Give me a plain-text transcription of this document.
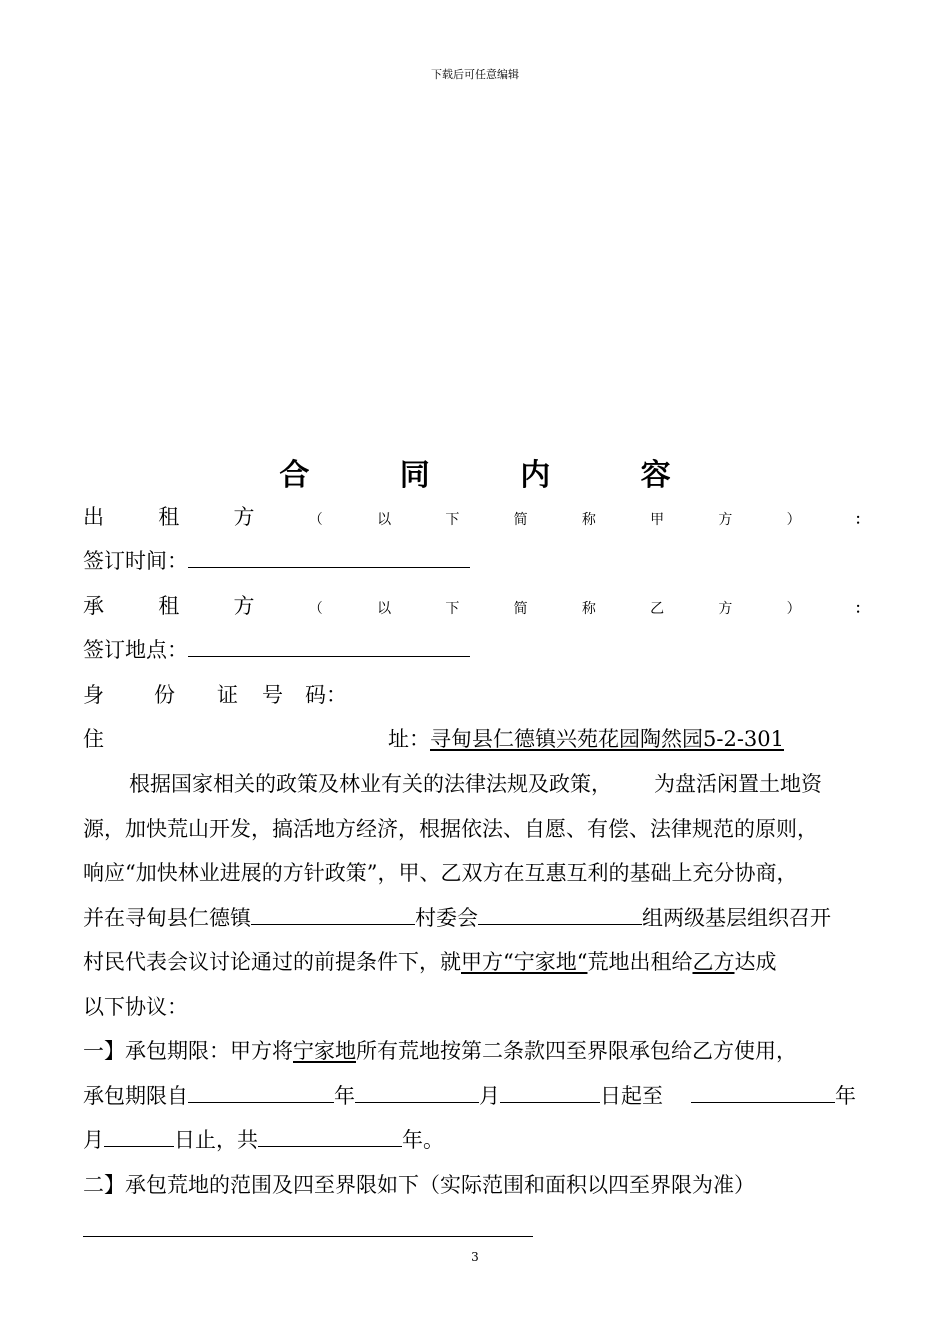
下载后可任意编辑
合 同 内 容
出	租	方	（	以	下	简	称	甲	方	）	：
签订时间：
承	租	方	（	以	下	简	称	乙	方	）	：
签订地点：
身 份 证 号 码：
住	址：寻甸县仁德镇兴苑花园陶然园5-2-301
根据国家相关的政策及林业有关的法律法规及政策， 为盘活闲置土地资
源，加快荒山开发，搞活地方经济，根据依法、自愿、有偿、法律规范的原则，
响应“加快林业进展的方针政策”，甲、乙双方在互惠互利的基础上充分协商，
并在寻甸县仁德镇	村委会	组两级基层组织召开
村民代表会议讨论通过的前提条件下，就甲方“宁家地“荒地出租给乙方达成
以下协议：
一】承包期限：甲方将宁家地所有荒地按第二条款四至界限承包给乙方使用，
承包期限自	年	月	日起至	年
月	日止，共	年。
二】承包荒地的范围及四至界限如下（实际范围和面积以四至界限为准）
3
